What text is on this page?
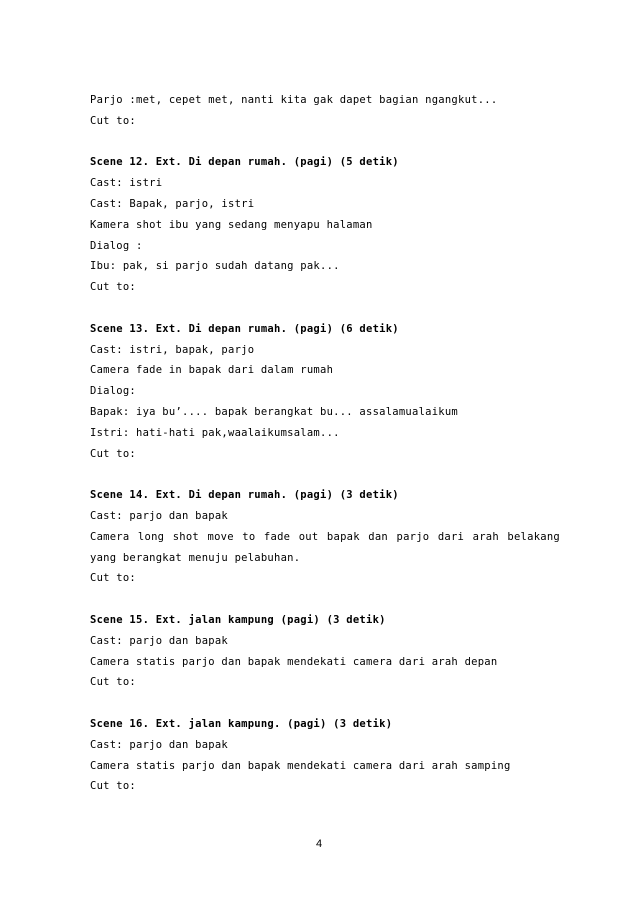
Parjo :met, cepet met, nanti kita gak dapet bagian ngangkut...
Cut to:
Scene 12. Ext. Di depan rumah. (pagi) (5 detik)
Cast: istri
Cast: Bapak, parjo, istri
Kamera shot ibu yang sedang menyapu halaman
Dialog :
Ibu: pak, si parjo sudah datang pak...
Cut to:
Scene 13. Ext. Di depan rumah. (pagi) (6 detik)
Cast: istri, bapak, parjo
Camera fade in bapak dari dalam rumah
Dialog:
Bapak: iya bu’.... bapak berangkat bu... assalamualaikum
Istri: hati-hati pak,waalaikumsalam...
Cut to:
Scene 14. Ext. Di depan rumah. (pagi) (3 detik)
Cast: parjo dan bapak
Camera long shot move to fade out bapak dan parjo dari arah belakang
yang berangkat menuju pelabuhan.
Cut to:
Scene 15. Ext. jalan kampung (pagi) (3 detik)
Cast: parjo dan bapak
Camera statis parjo dan bapak mendekati camera dari arah depan
Cut to:
Scene 16. Ext. jalan kampung. (pagi) (3 detik)
Cast: parjo dan bapak
Camera statis parjo dan bapak mendekati camera dari arah samping
Cut to:
4
